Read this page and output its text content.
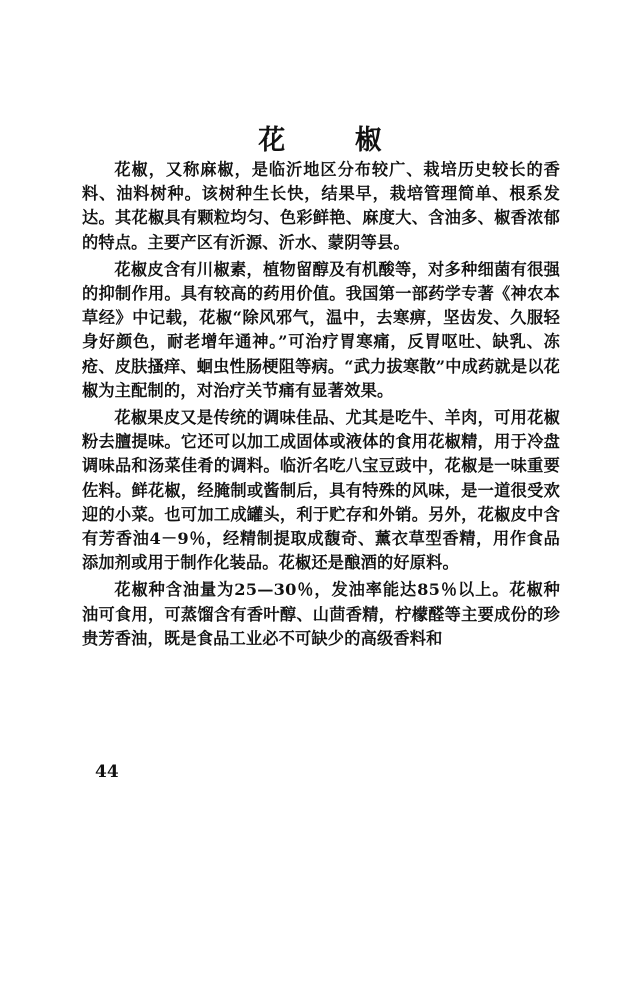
花 椒

花椒，又称麻椒，是临沂地区分布较广、栽培历史较长的香料、油料树种。该树种生长快，结果早，栽培管理简单、根系发达。其花椒具有颗粒均匀、色彩鲜艳、麻度大、含油多、椒香浓郁的特点。主要产区有沂源、沂水、蒙阴等县。

花椒皮含有川椒素，植物留醇及有机酸等，对多种细菌有很强的抑制作用。具有较高的药用价值。我国第一部药学专著《神农本草经》中记载，花椒“除风邪气，温中，去寒痹，坚齿发、久服轻身好颜色，耐老增年通神。”可治疗胃寒痛，反胃呕吐、缺乳、冻疮、皮肤搔痒、蛔虫性肠梗阻等病。“武力拔寒散”中成药就是以花椒为主配制的，对治疗关节痛有显著效果。

花椒果皮又是传统的调味佳品、尤其是吃牛、羊肉，可用花椒粉去膻提味。它还可以加工成固体或液体的食用花椒精，用于冷盘调味品和汤菜佳肴的调料。临沂名吃八宝豆豉中，花椒是一味重要佐料。鲜花椒，经腌制或酱制后，具有特殊的风味，是一道很受欢迎的小菜。也可加工成罐头，利于贮存和外销。另外，花椒皮中含有芳香油4－9％，经精制提取成馥奇、薰衣草型香精，用作食品添加剂或用于制作化装品。花椒还是酿酒的好原料。

花椒种含油量为25—30％，发油率能达85％以上。花椒种油可食用，可蒸馏含有香叶醇、山茴香精，柠檬醛等主要成份的珍贵芳香油，既是食品工业必不可缺少的高级香料和

44
